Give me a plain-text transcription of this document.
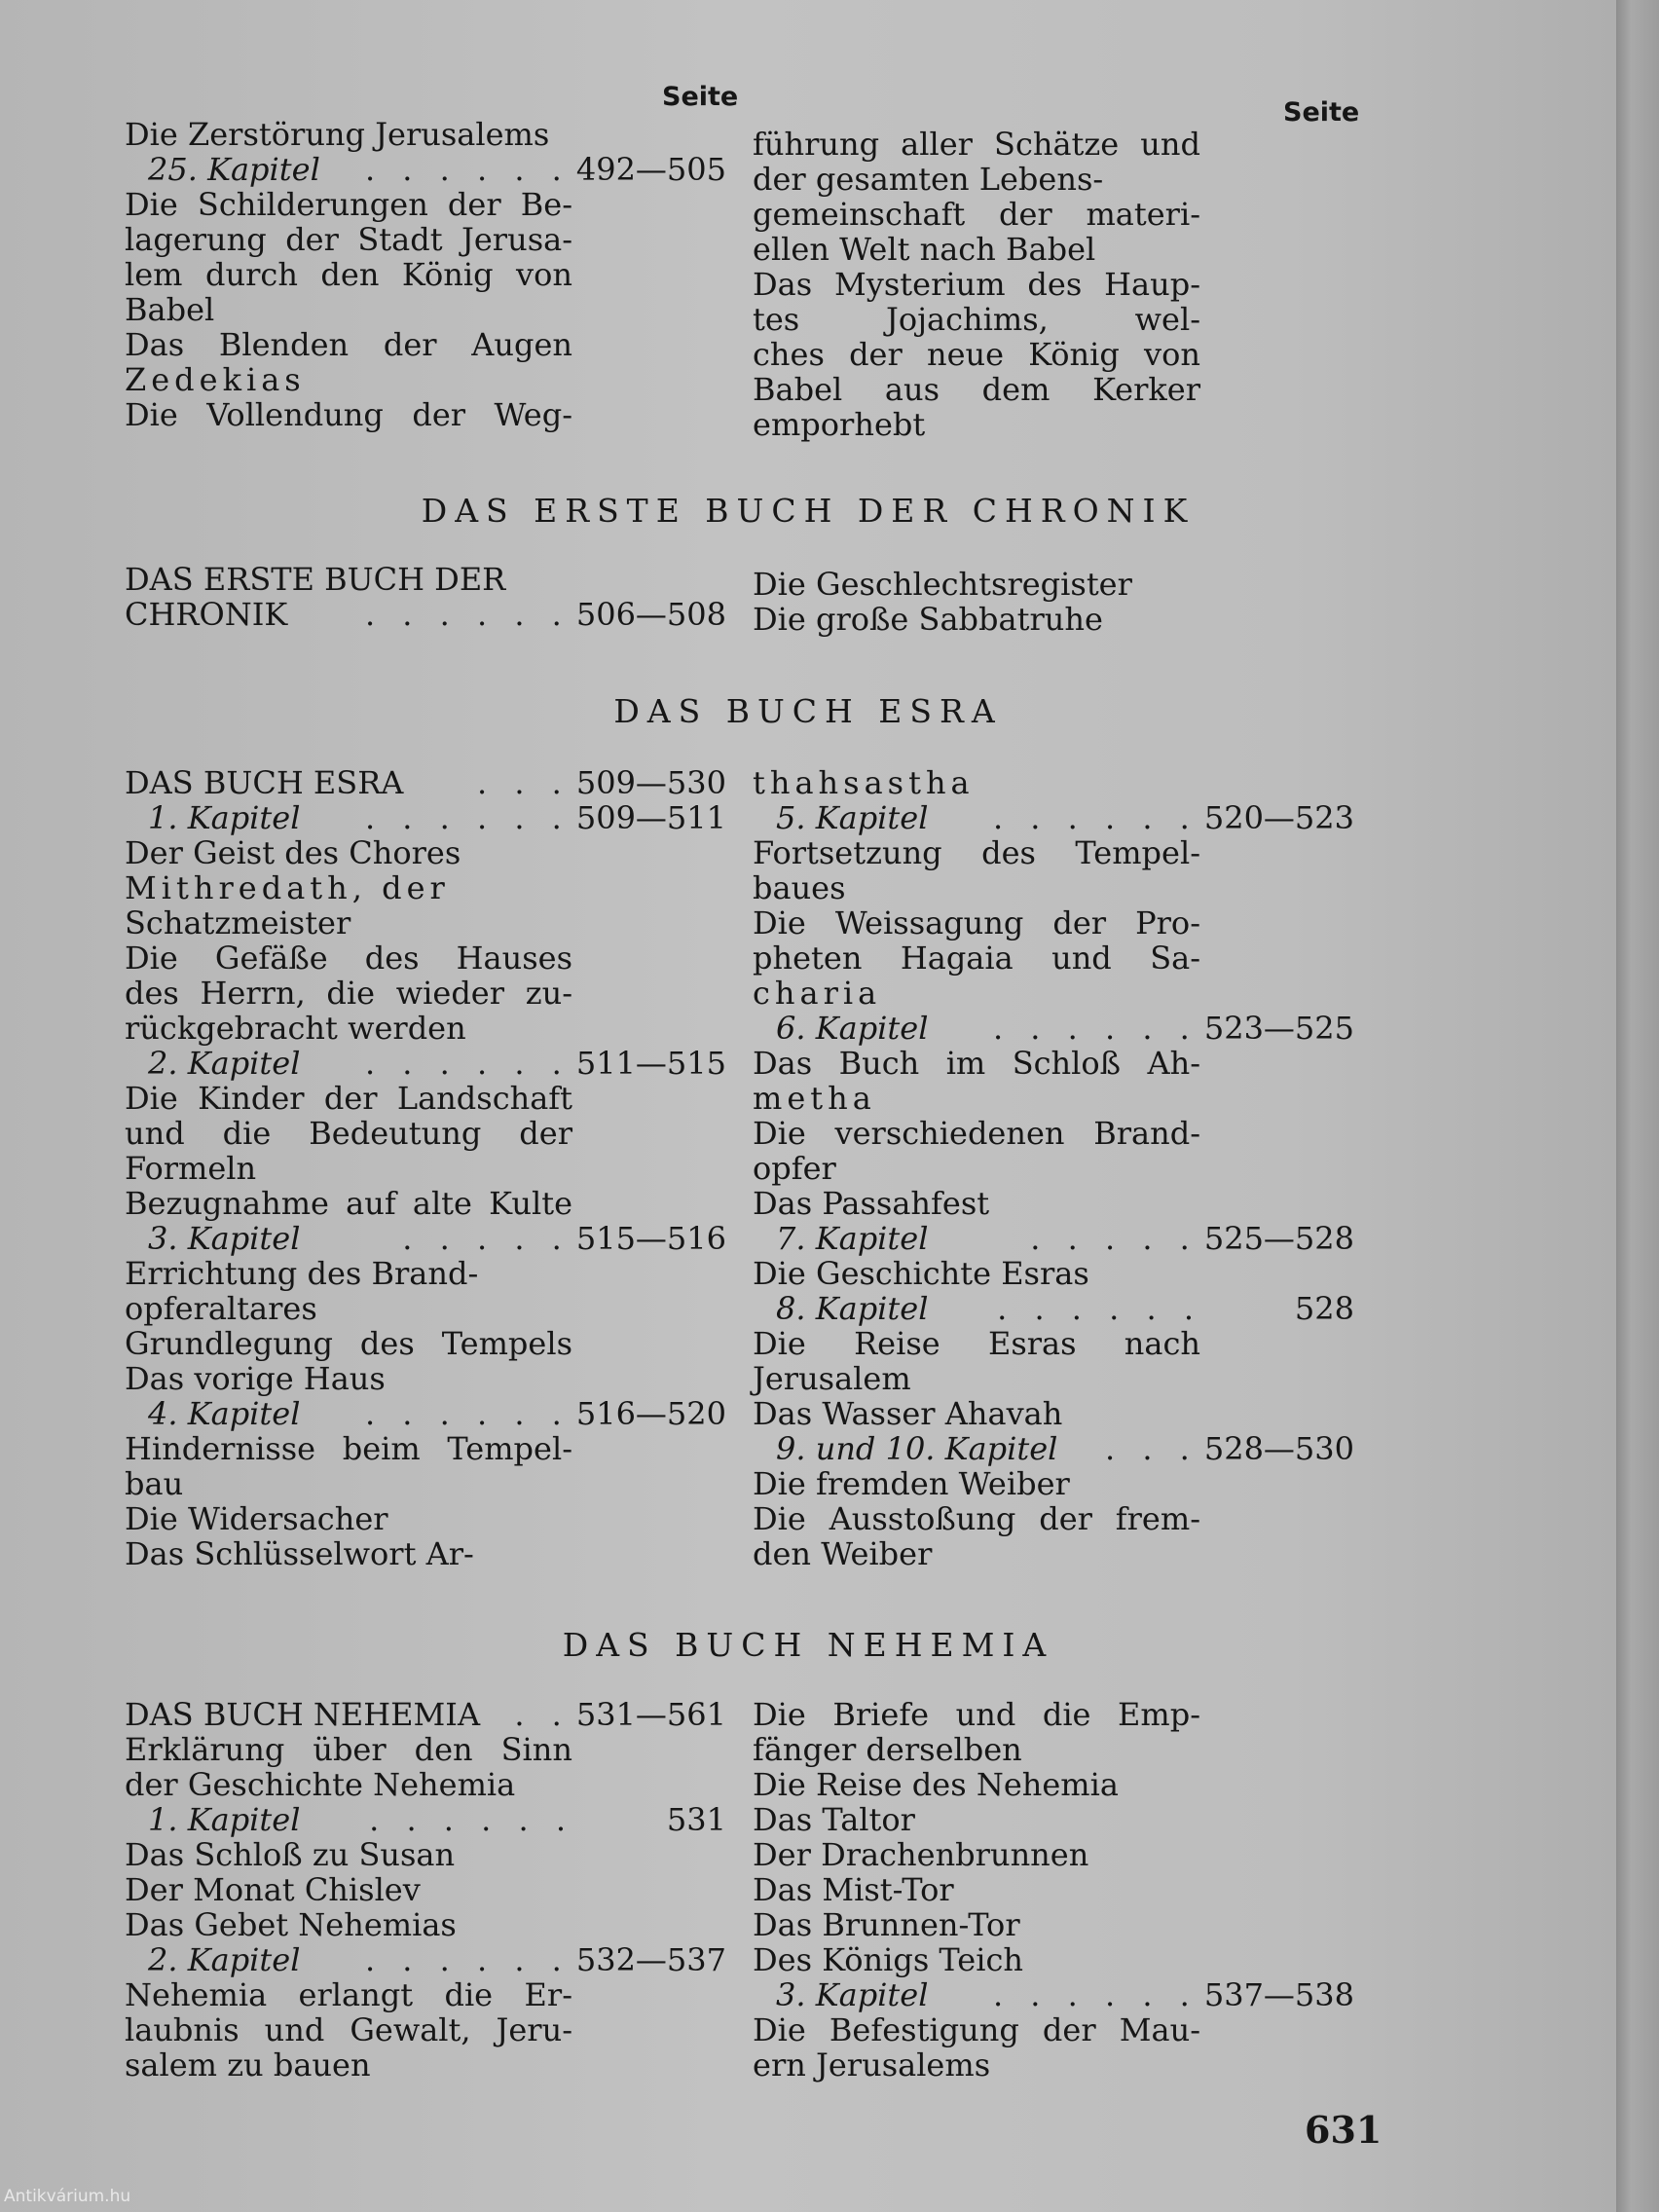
Seite
Seite
Die Zerstörung Jerusalems
25. Kapitel	. . . . . . 492—505
Die Schilderungen der Be-
lagerung der Stadt Jerusa-
lem durch den König von
Babel
Das Blenden der Augen
Zedekias
Die Vollendung der Weg-
führung aller Schätze und
der gesamten Lebens-
gemeinschaft der materi-
ellen Welt nach Babel
Das Mysterium des Haup-
tes Jojachims, wel-
ches der neue König von
Babel aus dem Kerker
emporhebt
DAS ERSTE BUCH DER CHRONIK
DAS ERSTE BUCH DER
CHRONIK	. . . . . . 506—508
Die Geschlechtsregister
Die große Sabbatruhe
DAS BUCH ESRA
DAS BUCH ESRA	. . . 509—530
1. Kapitel	. . . . . . 509—511
Der Geist des Chores
Mithredath, der
Schatzmeister
Die Gefäße des Hauses
des Herrn, die wieder zu-
rückgebracht werden
2. Kapitel	. . . . . . 511—515
Die Kinder der Landschaft
und die Bedeutung der
Formeln
Bezugnahme auf alte Kulte
3. Kapitel	. . . . . 515—516
Errichtung des Brand-
opferaltares
Grundlegung des Tempels
Das vorige Haus
4. Kapitel	. . . . . . 516—520
Hindernisse beim Tempel-
bau
Die Widersacher
Das Schlüsselwort Ar-
thahsastha
5. Kapitel	. . . . . . 520—523
Fortsetzung des Tempel-
baues
Die Weissagung der Pro-
pheten Hagaia und Sa-
charia
6. Kapitel	. . . . . . 523—525
Das Buch im Schloß Ah-
metha
Die verschiedenen Brand-
opfer
Das Passahfest
7. Kapitel	. . . . . 525—528
Die Geschichte Esras
8. Kapitel	. . . . . .	528
Die Reise Esras nach
Jerusalem
Das Wasser Ahavah
9. und 10. Kapitel	. . . 528—530
Die fremden Weiber
Die Ausstoßung der frem-
den Weiber
DAS BUCH NEHEMIA
DAS BUCH NEHEMIA	. . 531—561
Erklärung über den Sinn
der Geschichte Nehemia
1. Kapitel	. . . . . .	531
Das Schloß zu Susan
Der Monat Chislev
Das Gebet Nehemias
2. Kapitel	. . . . . . 532—537
Nehemia erlangt die Er-
laubnis und Gewalt, Jeru-
salem zu bauen
Die Briefe und die Emp-
fänger derselben
Die Reise des Nehemia
Das Taltor
Der Drachenbrunnen
Das Mist-Tor
Das Brunnen-Tor
Des Königs Teich
3. Kapitel	. . . . . . 537—538
Die Befestigung der Mau-
ern Jerusalems
631
Antikvárium.hu
